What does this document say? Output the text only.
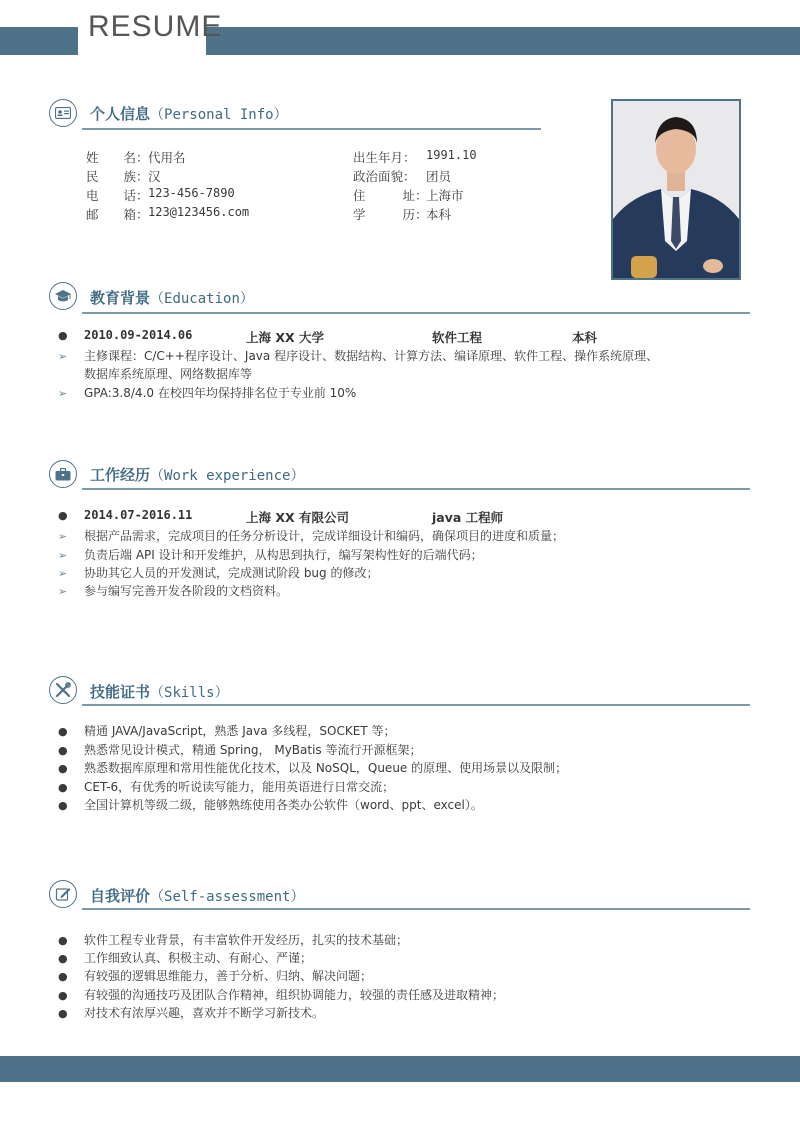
RESUME
个人信息（Personal Info）
姓 名： 代用名
民 族： 汉
电 话： 123-456-7890
邮 箱： 123@123456.com
出生年月： 1991.10
政治面貌： 团员
住	址：
上海市
学	历：
本科
教育背景（Education）
●	2010.09-2014.06	上海 XX 大学	软件工程	本科
➢	主修课程：C/C++程序设计、Java 程序设计、数据结构、计算方法、编译原理、软件工程、操作系统原理、
数据库系统原理、网络数据库等
➢	GPA:3.8/4.0 在校四年均保持排名位于专业前 10%
工作经历（Work experience）
●	2014.07-2016.11	上海 XX 有限公司	java 工程师
➢	根据产品需求，完成项目的任务分析设计，完成详细设计和编码，确保项目的进度和质量；
➢	负责后端 API 设计和开发维护，从构思到执行，编写架构性好的后端代码；
➢	协助其它人员的开发测试，完成测试阶段 bug 的修改；
➢	参与编写完善开发各阶段的文档资料。
技能证书（Skills）
●	精通 JAVA/JavaScript，熟悉 Java 多线程，SOCKET 等；
●	熟悉常见设计模式，精通 Spring， MyBatis 等流行开源框架；
●	熟悉数据库原理和常用性能优化技术，以及 NoSQL，Queue 的原理、使用场景以及限制；
●	CET-6，有优秀的听说读写能力，能用英语进行日常交流；
●	全国计算机等级二级，能够熟练使用各类办公软件（word、ppt、excel）。
自我评价（Self-assessment）
●	软件工程专业背景，有丰富软件开发经历，扎实的技术基础；
●	工作细致认真、积极主动、有耐心、严谨；
●	有较强的逻辑思维能力，善于分析、归纳、解决问题；
●	有较强的沟通技巧及团队合作精神，组织协调能力，较强的责任感及进取精神；
●	对技术有浓厚兴趣，喜欢并不断学习新技术。
